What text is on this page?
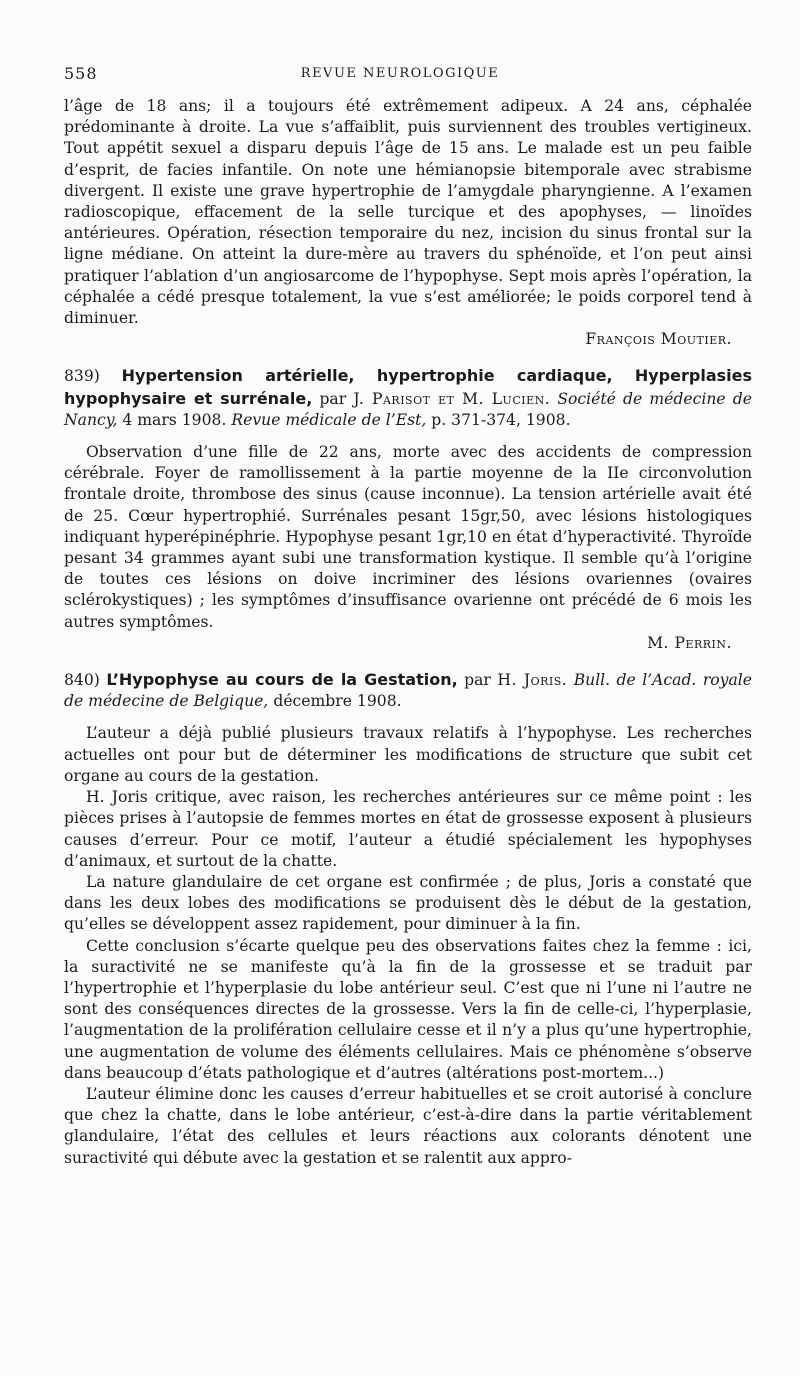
558	REVUE NEUROLOGIQUE

l’âge de 18 ans; il a toujours été extrêmement adipeux. A 24 ans, céphalée prédominante à droite. La vue s’affaiblit, puis surviennent des troubles vertigineux. Tout appétit sexuel a disparu depuis l’âge de 15 ans. Le malade est un peu faible d’esprit, de facies infantile. On note une hémianopsie bitemporale avec strabisme divergent. Il existe une grave hypertrophie de l’amygdale pharyngienne. A l’examen radioscopique, effacement de la selle turcique et des apophyses, — linoïdes antérieures. Opération, résection temporaire du nez, incision du sinus frontal sur la ligne médiane. On atteint la dure-mère au travers du sphénoïde, et l’on peut ainsi pratiquer l’ablation d’un angiosarcome de l’hypophyse. Sept mois après l’opération, la céphalée a cédé presque totalement, la vue s’est améliorée; le poids corporel tend à diminuer.

François Moutier.

839) Hypertension artérielle, hypertrophie cardiaque, Hyperplasies hypophysaire et surrénale, par J. Parisot et M. Lucien. Société de médecine de Nancy, 4 mars 1908. Revue médicale de l’Est, p. 371-374, 1908.

Observation d’une fille de 22 ans, morte avec des accidents de compression cérébrale. Foyer de ramollissement à la partie moyenne de la IIe circonvolution frontale droite, thrombose des sinus (cause inconnue). La tension artérielle avait été de 25. Cœur hypertrophié. Surrénales pesant 15gr,50, avec lésions histologiques indiquant hyperépinéphrie. Hypophyse pesant 1gr,10 en état d’hyperactivité. Thyroïde pesant 34 grammes ayant subi une transformation kystique. Il semble qu’à l’origine de toutes ces lésions on doive incriminer des lésions ovariennes (ovaires sclérokystiques) ; les symptômes d’insuffisance ovarienne ont précédé de 6 mois les autres symptômes.

M. Perrin.

840) L’Hypophyse au cours de la Gestation, par H. Joris. Bull. de l’Acad. royale de médecine de Belgique, décembre 1908.

L’auteur a déjà publié plusieurs travaux relatifs à l’hypophyse. Les recherches actuelles ont pour but de déterminer les modifications de structure que subit cet organe au cours de la gestation.

H. Joris critique, avec raison, les recherches antérieures sur ce même point : les pièces prises à l’autopsie de femmes mortes en état de grossesse exposent à plusieurs causes d’erreur. Pour ce motif, l’auteur a étudié spécialement les hypophyses d’animaux, et surtout de la chatte.

La nature glandulaire de cet organe est confirmée ; de plus, Joris a constaté que dans les deux lobes des modifications se produisent dès le début de la gestation, qu’elles se développent assez rapidement, pour diminuer à la fin.

Cette conclusion s’écarte quelque peu des observations faites chez la femme : ici, la suractivité ne se manifeste qu’à la fin de la grossesse et se traduit par l’hypertrophie et l’hyperplasie du lobe antérieur seul. C’est que ni l’une ni l’autre ne sont des conséquences directes de la grossesse. Vers la fin de celle-ci, l’hyperplasie, l’augmentation de la prolifération cellulaire cesse et il n’y a plus qu’une hypertrophie, une augmentation de volume des éléments cellulaires. Mais ce phénomène s’observe dans beaucoup d’états pathologique et d’autres (altérations post-mortem...)

L’auteur élimine donc les causes d’erreur habituelles et se croit autorisé à conclure que chez la chatte, dans le lobe antérieur, c’est-à-dire dans la partie véritablement glandulaire, l’état des cellules et leurs réactions aux colorants dénotent une suractivité qui débute avec la gestation et se ralentit aux appro-
